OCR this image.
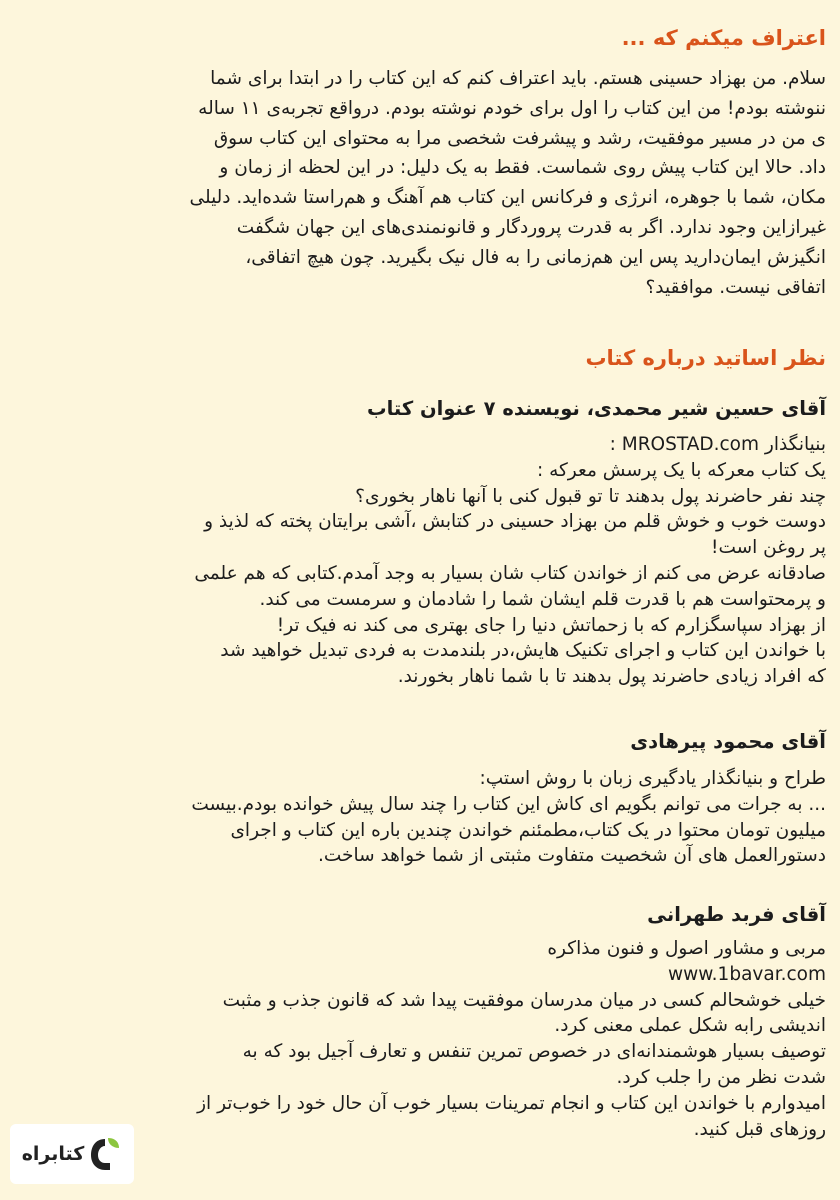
اعتراف میکنم که ...

سلام. من بهزاد حسینی هستم. باید اعتراف کنم که این کتاب را در ابتدا برای شما
ننوشته بودم! من این کتاب را اول برای خودم نوشته بودم. درواقع تجربه‌ی ۱۱ ساله
ی من در مسیر موفقیت، رشد و پیشرفت شخصی مرا به محتوای این کتاب سوق
داد. حالا این کتاب پیش روی شماست. فقط به یک دلیل: در این لحظه از زمان و
مکان، شما با جوهره، انرژی و فرکانس این کتاب هم آهنگ و هم‌راستا شده‌اید. دلیلی
غیرازاین وجود ندارد. اگر به قدرت پروردگار و قانونمندی‌های این جهان شگفت
انگیزش ایمان‌دارید پس این هم‌زمانی را به فال نیک بگیرید. چون هیچ اتفاقی،
اتفاقی نیست. موافقید؟

نظر اساتید درباره کتاب
آقای حسین شیر محمدی، نویسنده ۷ عنوان کتاب
بنیانگذار MROSTAD.com :
یک کتاب معرکه با یک پرسش معرکه :
چند نفر حاضرند پول بدهند تا تو قبول کنی با آنها ناهار بخوری؟
دوست خوب و خوش قلم من بهزاد حسینی در کتابش ،آشی برایتان پخته که لذیذ و
پر روغن است!
صادقانه عرض می کنم از خواندن کتاب شان بسیار به وجد آمدم.کتابی که هم علمی
و پرمحتواست هم با قدرت قلم ایشان شما را شادمان و سرمست می کند.
از بهزاد سپاسگزارم که با زحماتش دنیا را جای بهتری می کند نه فیک تر!
با خواندن این کتاب و اجرای تکنیک هایش،در بلندمدت به فردی تبدیل خواهید شد
که افراد زیادی حاضرند پول بدهند تا با شما ناهار بخورند.
آقای محمود پیرهادی
طراح و بنیانگذار یادگیری زبان با روش استپ:
... به جرات می توانم بگویم ای کاش این کتاب را چند سال پیش خوانده بودم.بیست
میلیون تومان محتوا در یک کتاب،مطمئنم خواندن چندین باره این کتاب و اجرای
دستورالعمل های آن شخصیت متفاوت مثبتی از شما خواهد ساخت.
آقای فربد طهرانی
مربی و مشاور اصول و فنون مذاکره
www.1bavar.com
خیلی خوشحالم کسی در میان مدرسان موفقیت پیدا شد که قانون جذب و مثبت
اندیشی رابه شکل عملی معنی کرد.
توصیف بسیار هوشمندانه‌ای در خصوص تمرین تنفس و تعارف آجیل بود که به
شدت نظر من را جلب کرد.
امیدوارم با خواندن این کتاب و انجام تمرینات بسیار خوب آن حال خود را خوب‌تر از
روزهای قبل کنید.
کتابراه
